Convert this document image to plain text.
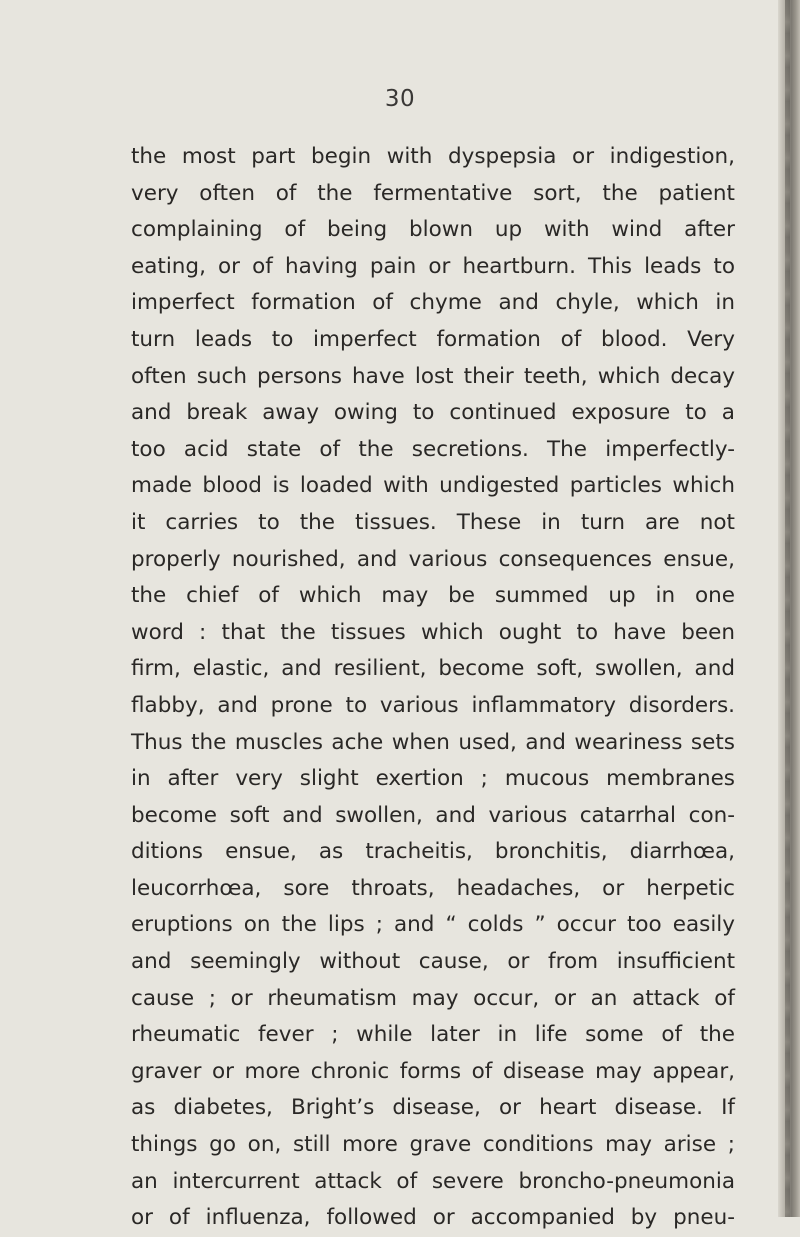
30
the most part begin with dyspepsia or indigestion,
very often of the fermentative sort, the patient
complaining of being blown up with wind after
eating, or of having pain or heartburn. This leads to
imperfect formation of chyme and chyle, which in
turn leads to imperfect formation of blood. Very
often such persons have lost their teeth, which decay
and break away owing to continued exposure to a
too acid state of the secretions. The imperfectly-
made blood is loaded with undigested particles which
it carries to the tissues. These in turn are not
properly nourished, and various consequences ensue,
the chief of which may be summed up in one
word : that the tissues which ought to have been
firm, elastic, and resilient, become soft, swollen, and
flabby, and prone to various inflammatory disorders.
Thus the muscles ache when used, and weariness sets
in after very slight exertion ; mucous membranes
become soft and swollen, and various catarrhal con-
ditions ensue, as tracheitis, bronchitis, diarrhœa,
leucorrhœa, sore throats, headaches, or herpetic
eruptions on the lips ; and “ colds ” occur too easily
and seemingly without cause, or from insufficient
cause ; or rheumatism may occur, or an attack of
rheumatic fever ; while later in life some of the
graver or more chronic forms of disease may appear,
as diabetes, Bright’s disease, or heart disease. If
things go on, still more grave conditions may arise ;
an intercurrent attack of severe broncho-pneumonia
or of influenza, followed or accompanied by pneu-
